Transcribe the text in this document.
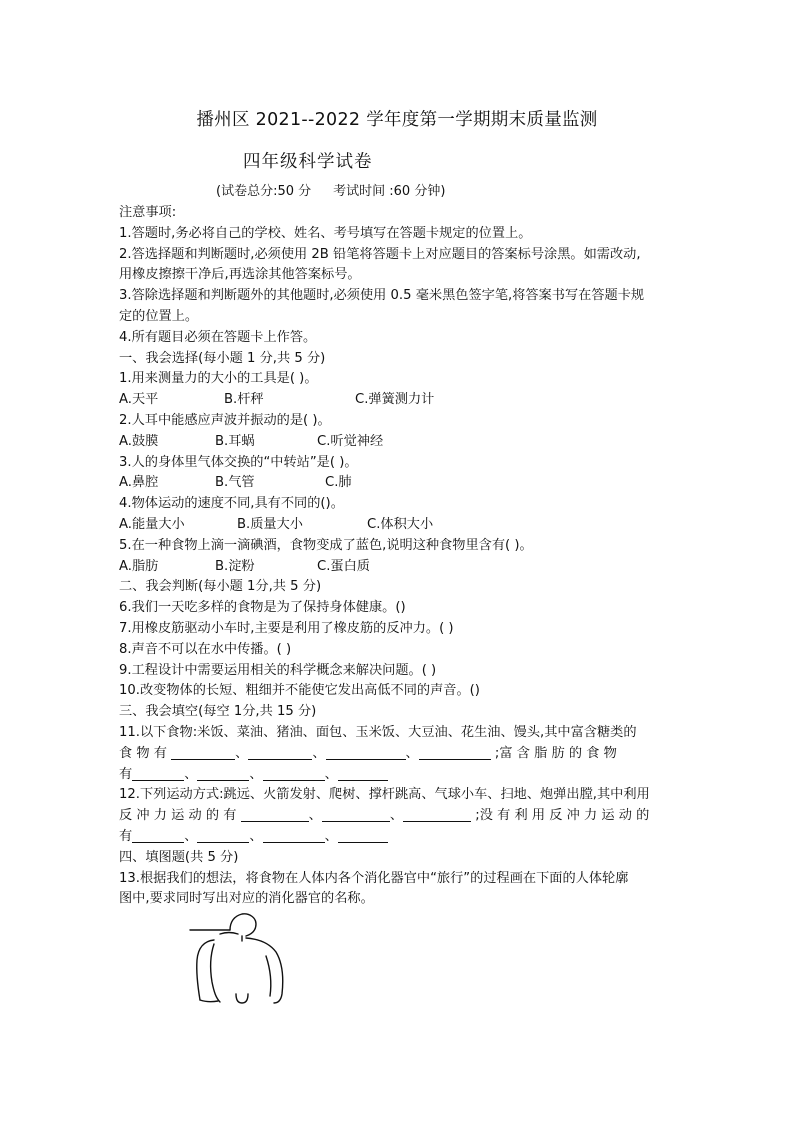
播州区 2021--2022 学年度第一学期期末质量监测
四年级科学试卷
(试卷总分:50 分 考试时间 :60 分钟)
注意事项:
1.答题时,务必将自己的学校、姓名、考号填写在答题卡规定的位置上。
2.答选择题和判断题时,必须使用 2B 铅笔将答题卡上对应题目的答案标号涂黑。如需改动,
用橡皮擦擦干净后,再选涂其他答案标号。
3.答除选择题和判断题外的其他题时,必须使用 0.5 毫米黑色签字笔,将答案书写在答题卡规
定的位置上。
4.所有题目必须在答题卡上作答。
一、我会选择(每小题 1 分,共 5 分)
1.用来测量力的大小的工具是( )。
A.天平	B.杆秤	C.弹簧测力计
2.人耳中能感应声波并振动的是( )。
A.鼓膜	B.耳蜗	C.听觉神经
3.人的身体里气体交换的“中转站”是( )。
A.鼻腔	B.气管	C.肺
4.物体运动的速度不同,具有不同的()。
A.能量大小	B.质量大小	C.体积大小
5.在一种食物上滴一滴碘酒，食物变成了蓝色,说明这种食物里含有( )。
A.脂肪	B.淀粉	C.蛋白质
二、我会判断(每小题 1分,共 5 分)
6.我们一天吃多样的食物是为了保持身体健康。()
7.用橡皮筋驱动小车时,主要是利用了橡皮筋的反冲力。( )
8.声音不可以在水中传播。( )
9.工程设计中需要运用相关的科学概念来解决问题。( )
10.改变物体的长短、粗细并不能使它发出高低不同的声音。()
三、我会填空(每空 1分,共 15 分)
11.以下食物:米饭、菜油、猪油、面包、玉米饭、大豆油、花生油、馒头,其中富含糖类的
食 物 有	、	、	、	;富 含 脂 肪 的 食 物
有	、	、	、
12.下列运动方式:跳远、火箭发射、爬树、撑杆跳高、气球小车、扫地、炮弹出膛,其中利用
反 冲 力 运 动 的 有	、	、	;没 有 利 用 反 冲 力 运 动 的
有	、	、	、
四、填图题(共 5 分)
13.根据我们的想法，将食物在人体内各个消化器官中“旅行”的过程画在下面的人体轮廓
图中,要求同时写出对应的消化器官的名称。
